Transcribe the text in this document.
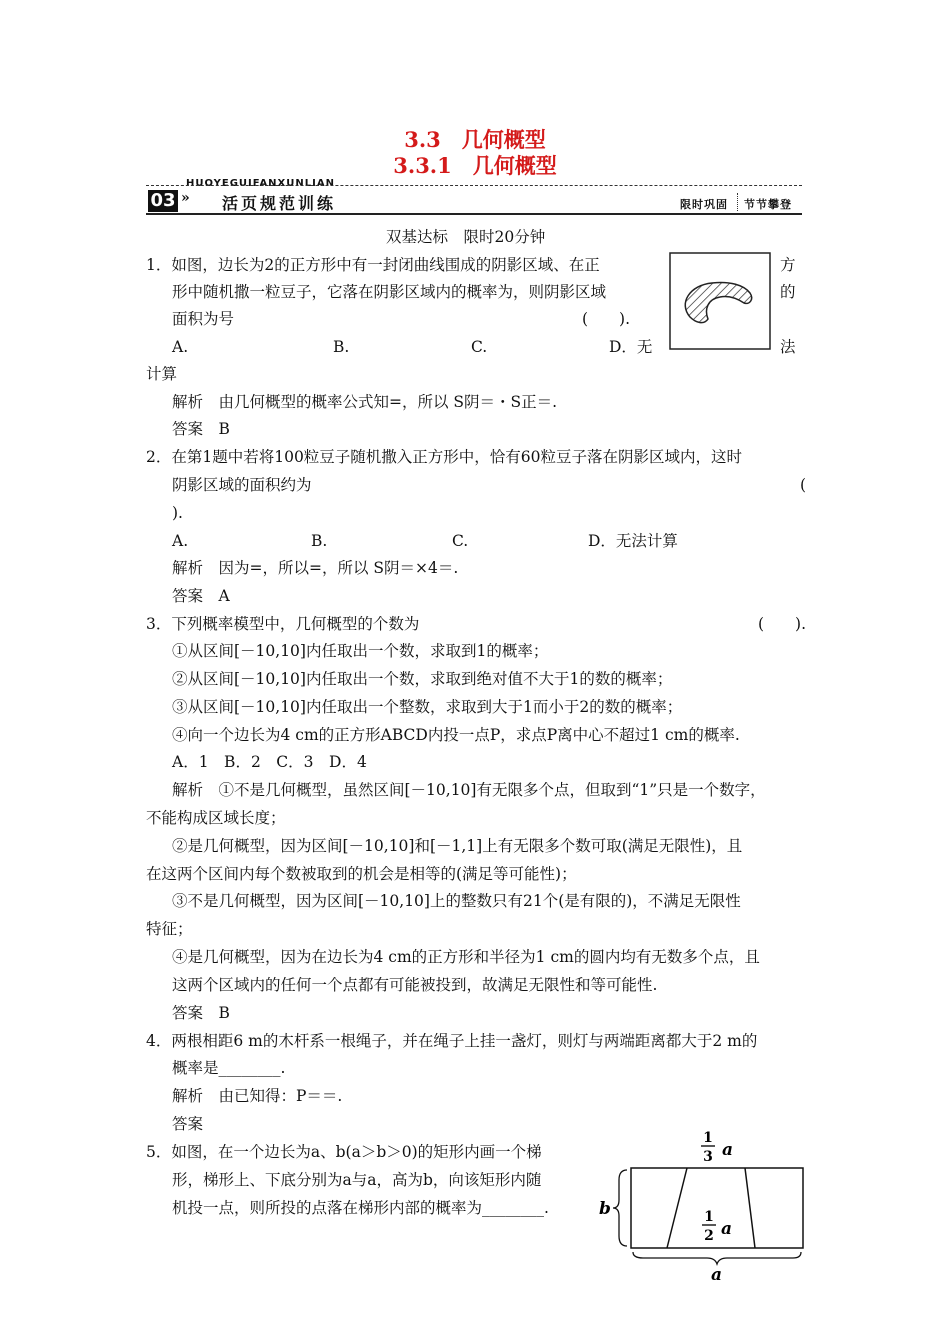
3.3　几何概型
3.3.1　几何概型
HUOYEGUIFANXUNLIAN
03 » 活页规范训练	限时巩固 节节攀登
双基达标　限时20分钟
1．如图，边长为2的正方形中有一封闭曲线围成的阴影区域、在正	方
形中随机撒一粒豆子，它落在阴影区域内的概率为，则阴影区域	的
面积为号	(　　).
A.	B.	C.	D．无	法
计算
解析　由几何概型的概率公式知=，所以 S阴＝・S正＝.
答案　B
2．在第1题中若将100粒豆子随机撒入正方形中，恰有60粒豆子落在阴影区域内，这时
阴影区域的面积约为	(
).
A.	B.	C.	D．无法计算
解析　因为=，所以=，所以 S阴＝×4＝.
答案　A
3．下列概率模型中，几何概型的个数为	(　　).
①从区间[－10,10]内任取出一个数，求取到1的概率；
②从区间[－10,10]内任取出一个数，求取到绝对值不大于1的数的概率；
③从区间[－10,10]内任取出一个整数，求取到大于1而小于2的数的概率；
④向一个边长为4 cm的正方形ABCD内投一点P，求点P离中心不超过1 cm的概率.
A．1　B．2　C．3　D．4
解析　①不是几何概型，虽然区间[－10,10]有无限多个点，但取到“1”只是一个数字，
不能构成区域长度；
②是几何概型，因为区间[－10,10]和[－1,1]上有无限多个数可取(满足无限性)，且
在这两个区间内每个数被取到的机会是相等的(满足等可能性)；
③不是几何概型，因为区间[－10,10]上的整数只有21个(是有限的)，不满足无限性
特征；
④是几何概型，因为在边长为4 cm的正方形和半径为1 cm的圆内均有无数多个点，且
这两个区域内的任何一个点都有可能被投到，故满足无限性和等可能性.
答案　B
4．两根相距6 m的木杆系一根绳子，并在绳子上挂一盏灯，则灯与两端距离都大于2 m的
概率是________.
解析　由已知得：P＝＝.
答案
5．如图，在一个边长为a、b(a＞b＞0)的矩形内画一个梯
形，梯形上、下底分别为a与a，高为b，向该矩形内随
机投一点，则所投的点落在梯形内部的概率为________.
1
3 a
1
2 a
b
a
